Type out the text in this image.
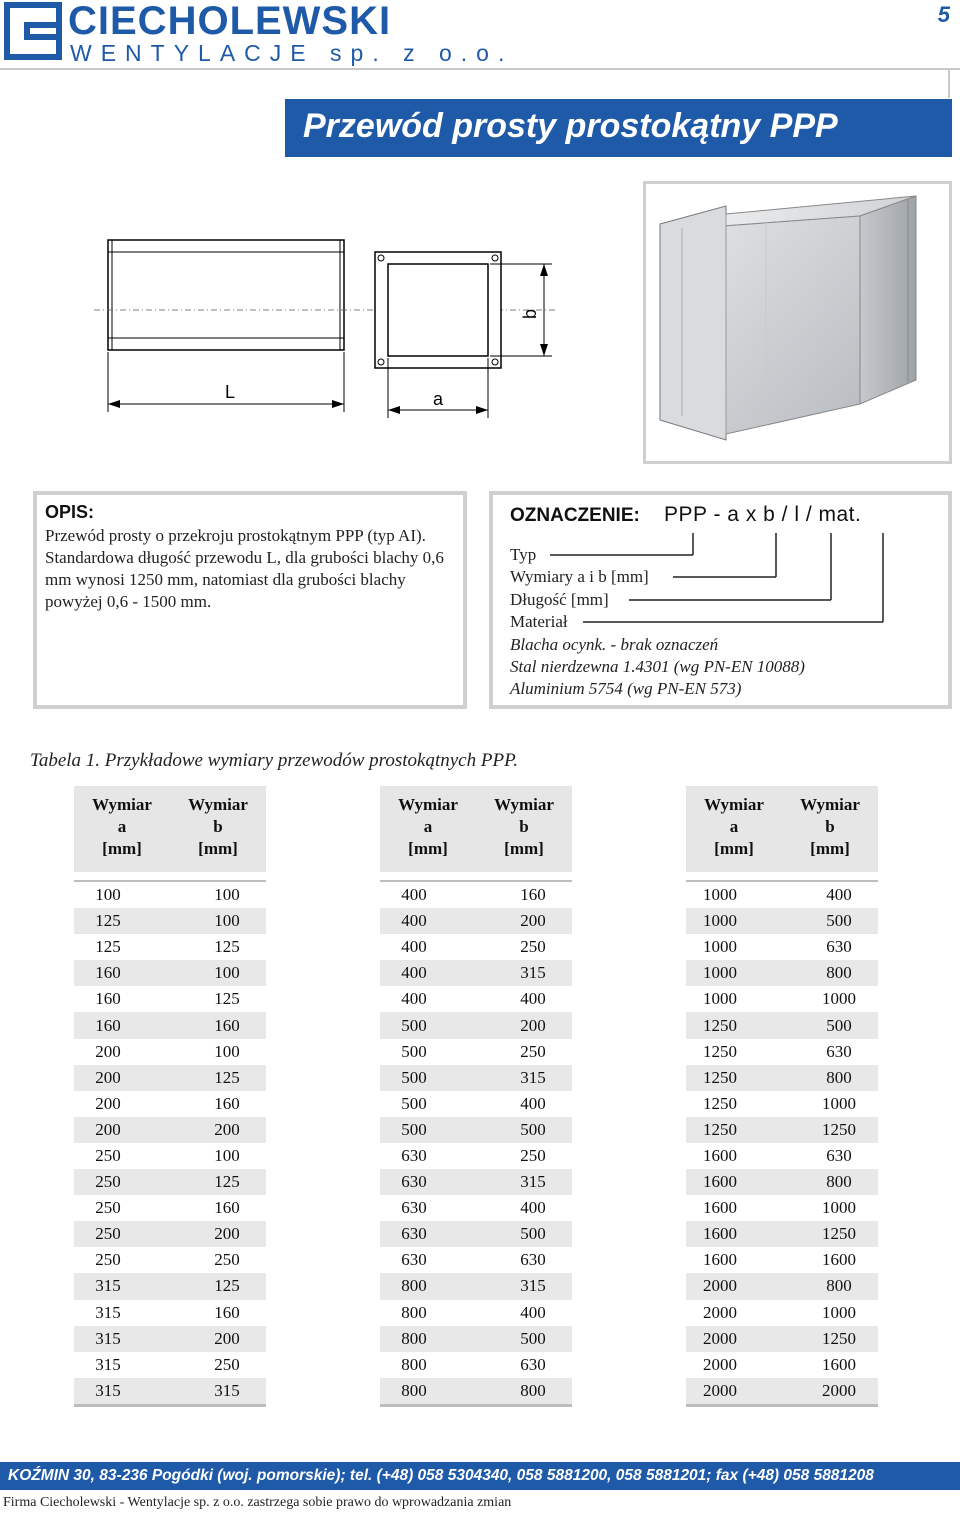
CIECHOLEWSKI
WENTYLACJE sp. z o.o.
5
Przewód prosty prostokątny PPP
L	a
b
OPIS:
Przewód prosty o przekroju prostokątnym PPP (typ AI). Standardowa długość przewodu L, dla grubości blachy 0,6 mm wynosi 1250 mm, natomiast dla grubości blachy powyżej 0,6 - 1500 mm.
OZNACZENIE: PPP - a x b / l / mat.
Typ
Wymiary a i b [mm]
Długość [mm]
Materiał
Blacha ocynk. - brak oznaczeń
Stal nierdzewna 1.4301 (wg PN-EN 10088)
Aluminium 5754 (wg PN-EN 573)
Tabela 1. Przykładowe wymiary przewodów prostokątnych PPP.
Wymiar
a
[mm]	Wymiar
b
[mm]

100	100
125	100
125	125
160	100
160	125
160	160
200	100
200	125
200	160
200	200
250	100
250	125
250	160
250	200
250	250
315	125
315	160
315	200
315	250
315	315

Wymiar
a
[mm]	Wymiar
b
[mm]

400	160
400	200
400	250
400	315
400	400
500	200
500	250
500	315
500	400
500	500
630	250
630	315
630	400
630	500
630	630
800	315
800	400
800	500
800	630
800	800

Wymiar
a
[mm]	Wymiar
b
[mm]

1000	400
1000	500
1000	630
1000	800
1000	1000
1250	500
1250	630
1250	800
1250	1000
1250	1250
1600	630
1600	800
1600	1000
1600	1250
1600	1600
2000	800
2000	1000
2000	1250
2000	1600
2000	2000

KOŹMIN 30, 83-236 Pogódki (woj. pomorskie); tel. (+48) 058 5304340, 058 5881200, 058 5881201; fax (+48) 058 5881208
Firma Ciecholewski - Wentylacje sp. z o.o. zastrzega sobie prawo do wprowadzania zmian
